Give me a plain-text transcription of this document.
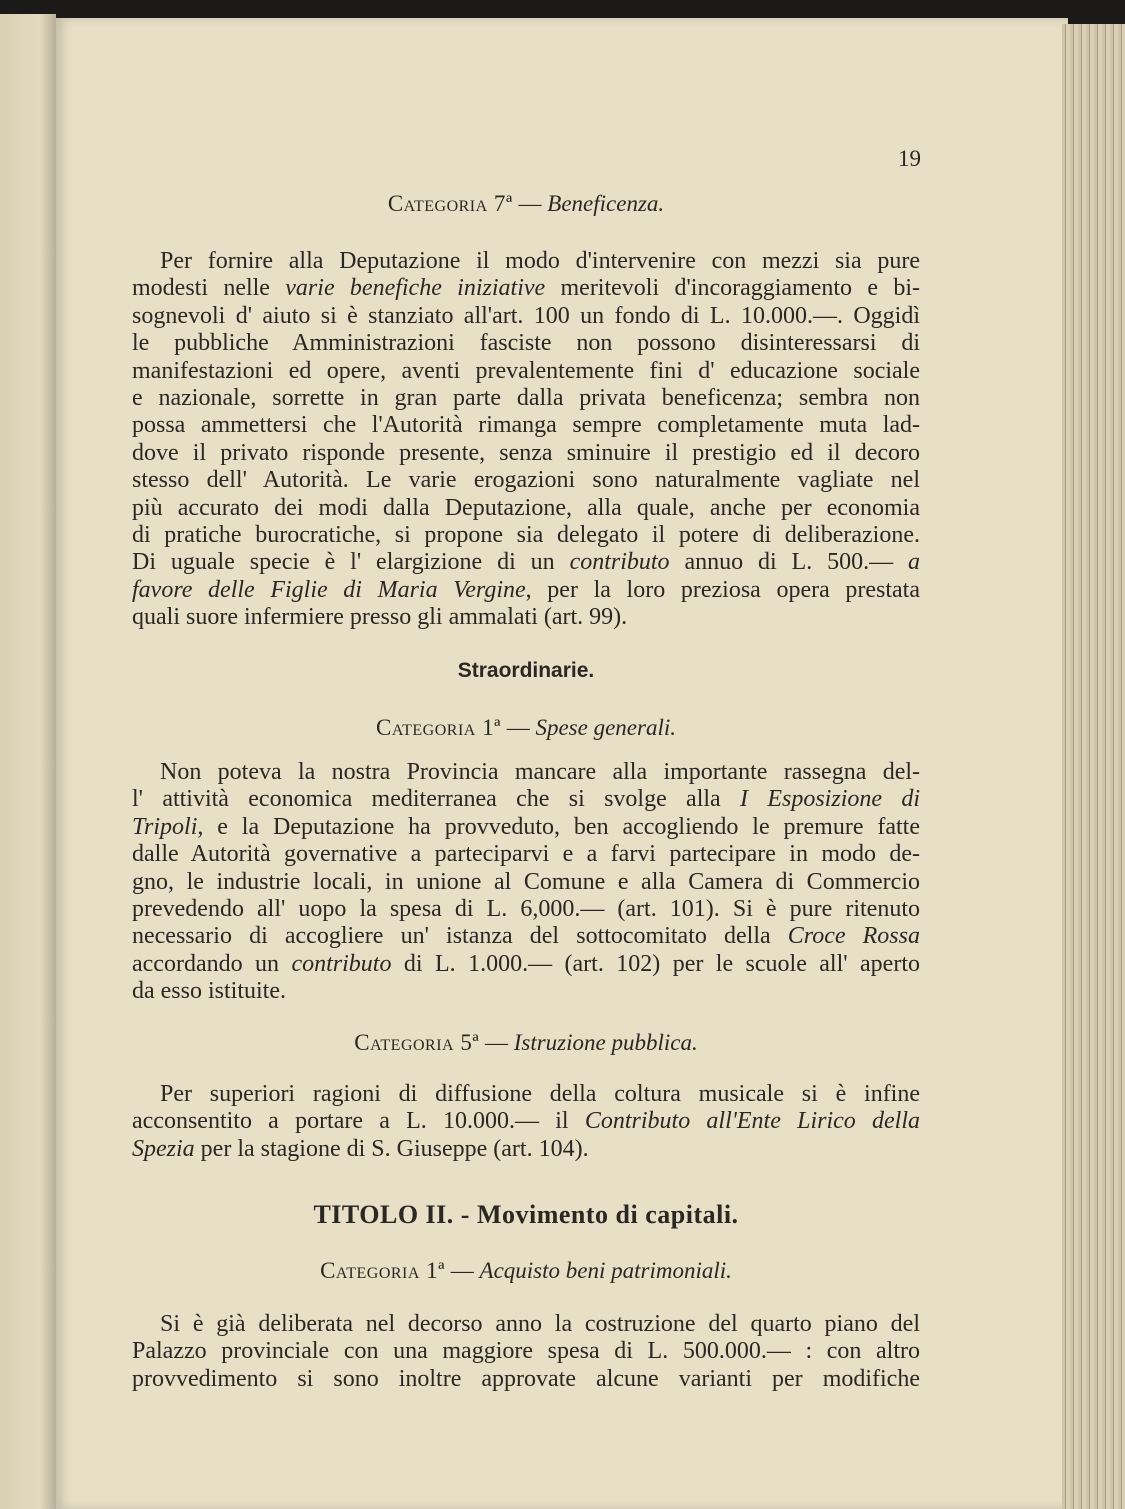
19
Categoria 7ª — Beneficenza.
Per fornire alla Deputazione il modo d'intervenire con mezzi sia pure
modesti nelle varie benefiche iniziative meritevoli d'incoraggiamento e bi-
sognevoli d' aiuto si è stanziato all'art. 100 un fondo di L. 10.000.—. Oggidì
le pubbliche Amministrazioni fasciste non possono disinteressarsi di
manifestazioni ed opere, aventi prevalentemente fini d' educazione sociale
e nazionale, sorrette in gran parte dalla privata beneficenza; sembra non
possa ammettersi che l'Autorità rimanga sempre completamente muta lad-
dove il privato risponde presente, senza sminuire il prestigio ed il decoro
stesso dell' Autorità. Le varie erogazioni sono naturalmente vagliate nel
più accurato dei modi dalla Deputazione, alla quale, anche per economia
di pratiche burocratiche, si propone sia delegato il potere di deliberazione.
Di uguale specie è l' elargizione di un contributo annuo di L. 500.— a
favore delle Figlie di Maria Vergine, per la loro preziosa opera prestata
quali suore infermiere presso gli ammalati (art. 99).
Straordinarie.
Categoria 1ª — Spese generali.
Non poteva la nostra Provincia mancare alla importante rassegna del-
l' attività economica mediterranea che si svolge alla I Esposizione di
Tripoli, e la Deputazione ha provveduto, ben accogliendo le premure fatte
dalle Autorità governative a parteciparvi e a farvi partecipare in modo de-
gno, le industrie locali, in unione al Comune e alla Camera di Commercio
prevedendo all' uopo la spesa di L. 6,000.— (art. 101). Si è pure ritenuto
necessario di accogliere un' istanza del sottocomitato della Croce Rossa
accordando un contributo di L. 1.000.— (art. 102) per le scuole all' aperto
da esso istituite.
Categoria 5ª — Istruzione pubblica.
Per superiori ragioni di diffusione della coltura musicale si è infine
acconsentito a portare a L. 10.000.— il Contributo all'Ente Lirico della
Spezia per la stagione di S. Giuseppe (art. 104).
TITOLO II. - Movimento di capitali.
Categoria 1ª — Acquisto beni patrimoniali.
Si è già deliberata nel decorso anno la costruzione del quarto piano del
Palazzo provinciale con una maggiore spesa di L. 500.000.— : con altro
provvedimento si sono inoltre approvate alcune varianti per modifiche
